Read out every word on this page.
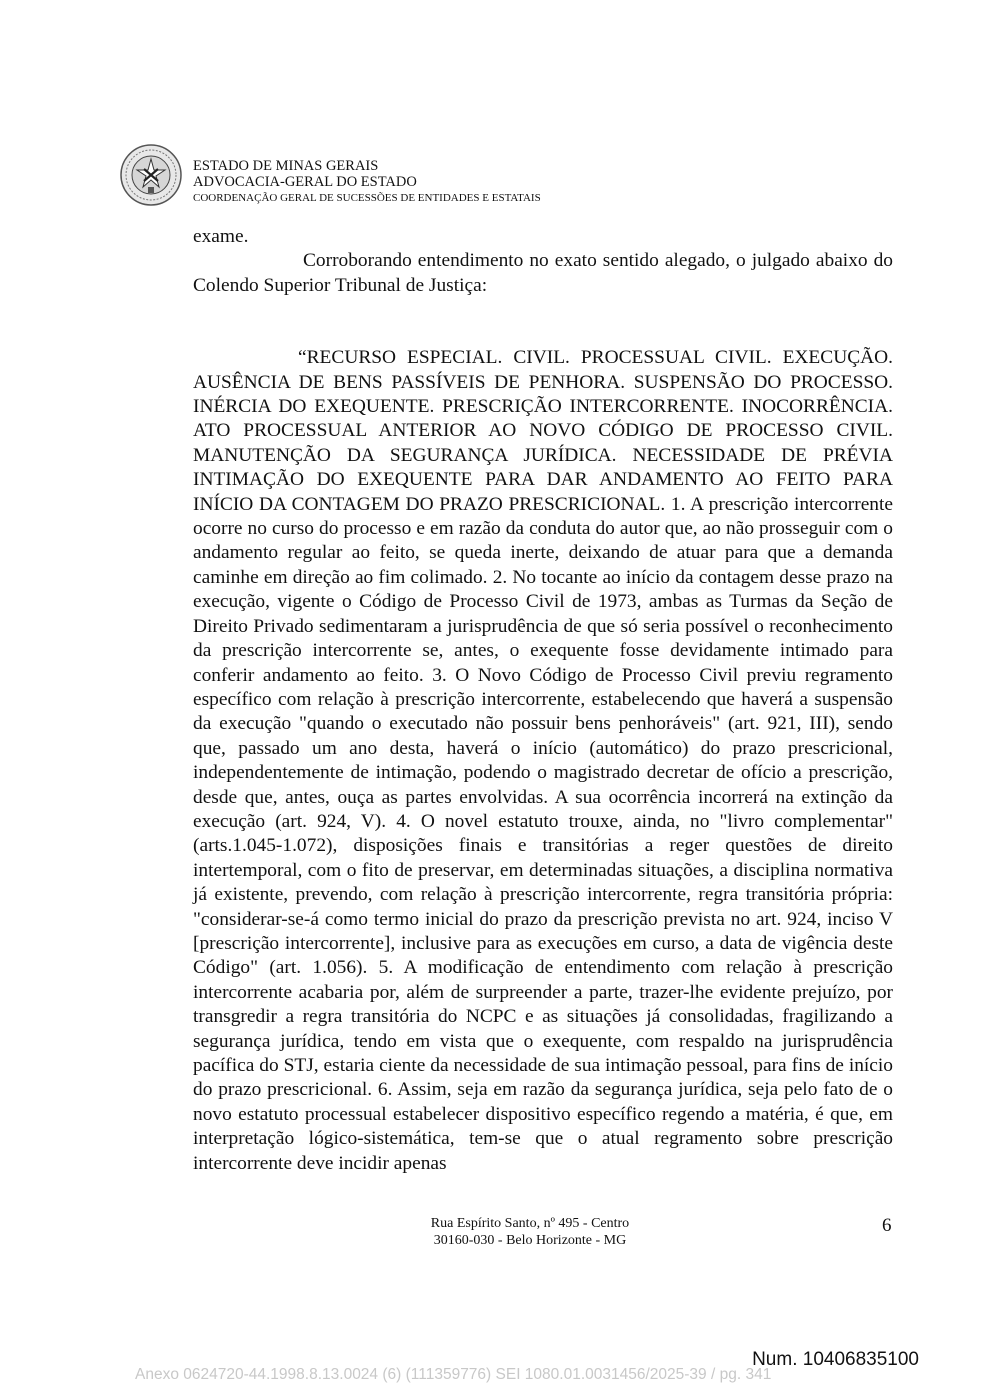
ESTADO DE MINAS GERAIS
ADVOCACIA-GERAL DO ESTADO
COORDENAÇÃO GERAL DE SUCESSÕES DE ENTIDADES E ESTATAIS

exame.

Corroborando entendimento no exato sentido alegado, o julgado abaixo do Colendo Superior Tribunal de Justiça:

“RECURSO ESPECIAL. CIVIL. PROCESSUAL CIVIL. EXECUÇÃO. AUSÊNCIA DE BENS PASSÍVEIS DE PENHORA. SUSPENSÃO DO PROCESSO. INÉRCIA DO EXEQUENTE. PRESCRIÇÃO INTERCORRENTE. INOCORRÊNCIA. ATO PROCESSUAL ANTERIOR AO NOVO CÓDIGO DE PROCESSO CIVIL. MANUTENÇÃO DA SEGURANÇA JURÍDICA. NECESSIDADE DE PRÉVIA INTIMAÇÃO DO EXEQUENTE PARA DAR ANDAMENTO AO FEITO PARA INÍCIO DA CONTAGEM DO PRAZO PRESCRICIONAL. 1. A prescrição intercorrente ocorre no curso do processo e em razão da conduta do autor que, ao não prosseguir com o andamento regular ao feito, se queda inerte, deixando de atuar para que a demanda caminhe em direção ao fim colimado. 2. No tocante ao início da contagem desse prazo na execução, vigente o Código de Processo Civil de 1973, ambas as Turmas da Seção de Direito Privado sedimentaram a jurisprudência de que só seria possível o reconhecimento da prescrição intercorrente se, antes, o exequente fosse devidamente intimado para conferir andamento ao feito. 3. O Novo Código de Processo Civil previu regramento específico com relação à prescrição intercorrente, estabelecendo que haverá a suspensão da execução "quando o executado não possuir bens penhoráveis" (art. 921, III), sendo que, passado um ano desta, haverá o início (automático) do prazo prescricional, independentemente de intimação, podendo o magistrado decretar de ofício a prescrição, desde que, antes, ouça as partes envolvidas. A sua ocorrência incorrerá na extinção da execução (art. 924, V). 4. O novel estatuto trouxe, ainda, no "livro complementar" (arts.1.045-1.072), disposições finais e transitórias a reger questões de direito intertemporal, com o fito de preservar, em determinadas situações, a disciplina normativa já existente, prevendo, com relação à prescrição intercorrente, regra transitória própria: "considerar-se-á como termo inicial do prazo da prescrição prevista no art. 924, inciso V [prescrição intercorrente], inclusive para as execuções em curso, a data de vigência deste Código" (art. 1.056). 5. A modificação de entendimento com relação à prescrição intercorrente acabaria por, além de surpreender a parte, trazer-lhe evidente prejuízo, por transgredir a regra transitória do NCPC e as situações já consolidadas, fragilizando a segurança jurídica, tendo em vista que o exequente, com respaldo na jurisprudência pacífica do STJ, estaria ciente da necessidade de sua intimação pessoal, para fins de início do prazo prescricional. 6. Assim, seja em razão da segurança jurídica, seja pelo fato de o novo estatuto processual estabelecer dispositivo específico regendo a matéria, é que, em interpretação lógico-sistemática, tem-se que o atual regramento sobre prescrição intercorrente deve incidir apenas

Rua Espírito Santo, nº 495 - Centro
30160-030 - Belo Horizonte - MG
6
Num. 10406835100
Anexo 0624720-44.1998.8.13.0024 (6) (111359776) SEI 1080.01.0031456/2025-39 / pg. 341
